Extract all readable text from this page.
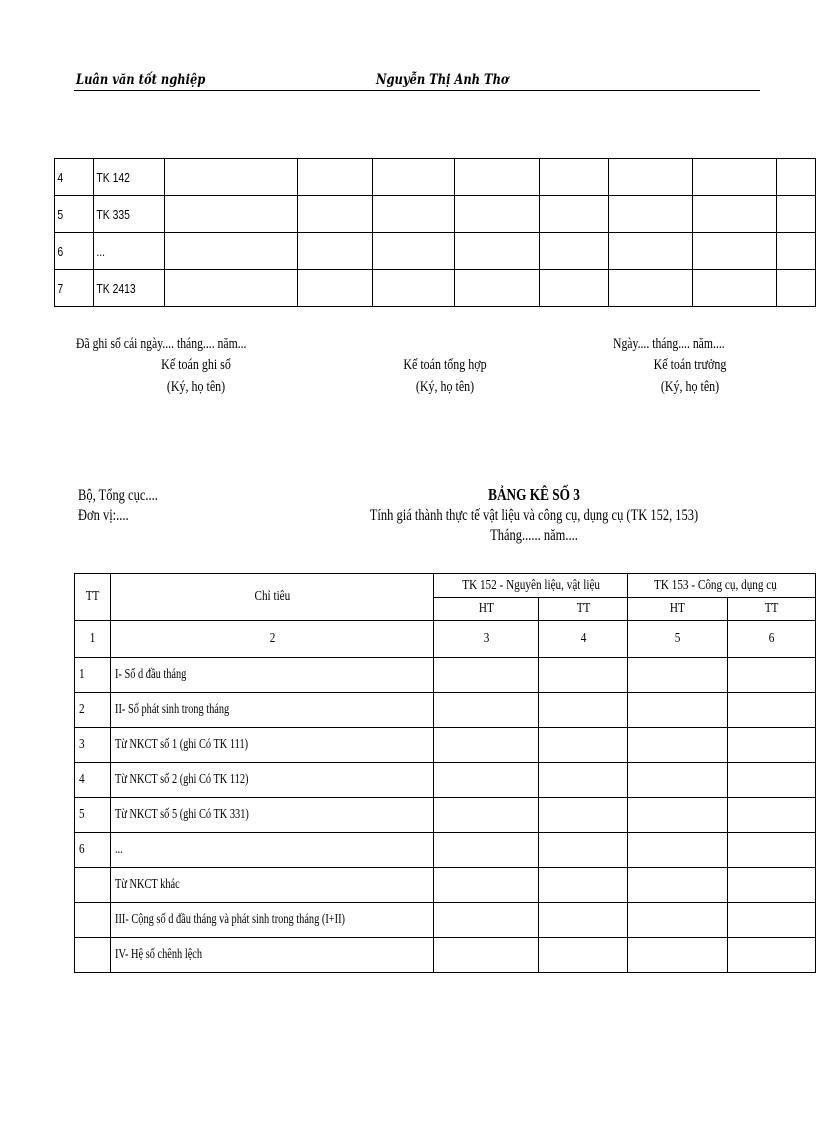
Luân văn tốt nghiệp	Nguyễn Thị Anh Thơ
4	TK 142								
5	TK 335								
6	...								
7	TK 2413								
Đã ghi sổ cái ngày.... tháng.... năm...	Ngày.... tháng.... năm....
Kế toán ghi sổ
(Ký, họ tên)
Kế toán tổng hợp
(Ký, họ tên)
Kế toán trưởng
(Ký, họ tên)
Bộ, Tổng cục....
Đơn vị:....
BẢNG KÊ SỐ 3
Tính giá thành thực tế vật liệu và công cụ, dụng cụ (TK 152, 153)
Tháng...... năm....
TT	Chỉ tiêu	TK 152 - Nguyên liệu, vật liệu		TK 153 - Công cụ, dụng cụ	
		HT	TT	HT	TT
1	2	3	4	5	6
1	I- Số d đầu tháng				
2	II- Số phát sinh trong tháng				
3	Từ NKCT số 1 (ghi Có TK 111)				
4	Từ NKCT số 2 (ghi Có TK 112)				
5	Từ NKCT số 5 (ghi Có TK 331)				
6	...				
	Từ NKCT khác				
	III- Cộng số d đầu tháng và phát sinh trong tháng (I+II)				
	IV- Hệ số chênh lệch				
